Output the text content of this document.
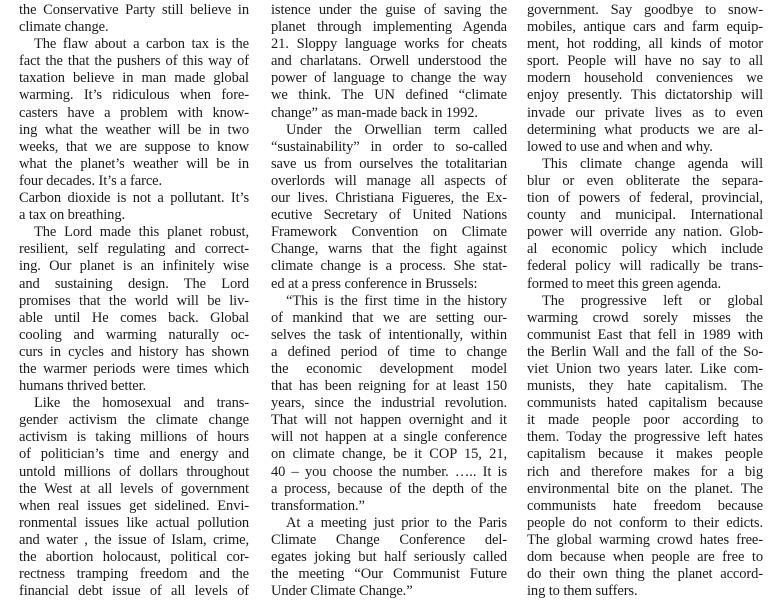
the Conservative Party still believe in
climate change.
The flaw about a carbon tax is the
fact the that the pushers of this way of
taxation believe in man made global
warming. It’s ridiculous when fore-
casters have a problem with know-
ing what the weather will be in two
weeks, that we are suppose to know
what the planet’s weather will be in
four decades. It’s a farce.
Carbon dioxide is not a pollutant. It’s
a tax on breathing.
The Lord made this planet robust,
resilient, self regulating and correct-
ing. Our planet is an infinitely wise
and sustaining design. The Lord
promises that the world will be liv-
able until He comes back. Global
cooling and warming naturally oc-
curs in cycles and history has shown
the warmer periods were times which
humans thrived better.
Like the homosexual and trans-
gender activism the climate change
activism is taking millions of hours
of politician’s time and energy and
untold millions of dollars throughout
the West at all levels of government
when real issues get sidelined. Envi-
ronmental issues like actual pollution
and water , the issue of Islam, crime,
the abortion holocaust, political cor-
rectness tramping freedom and the
financial debt issue of all levels of
istence under the guise of saving the
planet through implementing Agenda
21. Sloppy language works for cheats
and charlatans. Orwell understood the
power of language to change the way
we think. The UN defined “climate
change” as man-made back in 1992.
Under the Orwellian term called
“sustainability” in order to so-called
save us from ourselves the totalitarian
overlords will manage all aspects of
our lives. Christiana Figueres, the Ex-
ecutive Secretary of United Nations
Framework Convention on Climate
Change, warns that the fight against
climate change is a process. She stat-
ed at a press conference in Brussels:
“This is the first time in the history
of mankind that we are setting our-
selves the task of intentionally, within
a defined period of time to change
the economic development model
that has been reigning for at least 150
years, since the industrial revolution.
That will not happen overnight and it
will not happen at a single conference
on climate change, be it COP 15, 21,
40 – you choose the number. ….. It is
a process, because of the depth of the
transformation.”
At a meeting just prior to the Paris
Climate Change Conference del-
egates joking but half seriously called
the meeting “Our Communist Future
Under Climate Change.”
government. Say goodbye to snow-
mobiles, antique cars and farm equip-
ment, hot rodding, all kinds of motor
sport. People will have no say to all
modern household conveniences we
enjoy presently. This dictatorship will
invade our private lives as to even
determining what products we are al-
lowed to use and when and why.
This climate change agenda will
blur or even obliterate the separa-
tion of powers of federal, provincial,
county and municipal. International
power will override any nation. Glob-
al economic policy which include
federal policy will radically be trans-
formed to meet this green agenda.
The progressive left or global
warming crowd sorely misses the
communist East that fell in 1989 with
the Berlin Wall and the fall of the So-
viet Union two years later. Like com-
munists, they hate capitalism. The
communists hated capitalism because
it made people poor according to
them. Today the progressive left hates
capitalism because it makes people
rich and therefore makes for a big
environmental bite on the planet. The
communists hate freedom because
people do not conform to their edicts.
The global warming crowd hates free-
dom because when people are free to
do their own thing the planet accord-
ing to them suffers.
